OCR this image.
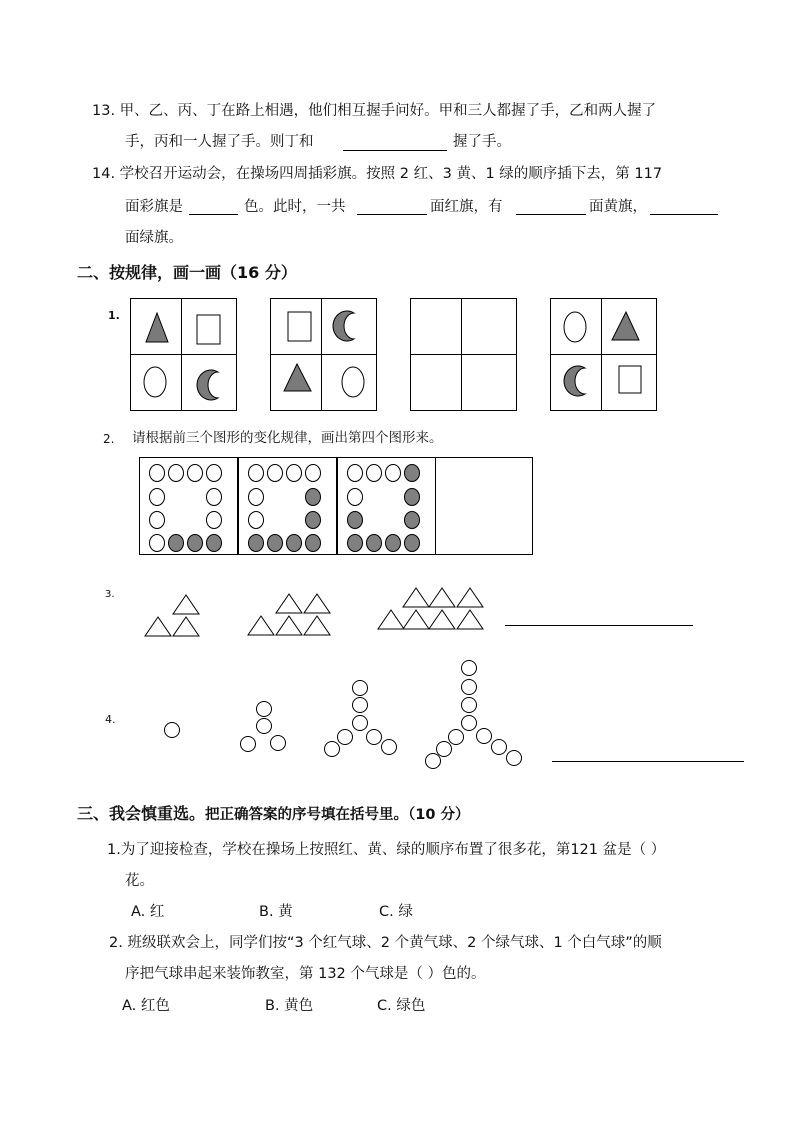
13. 甲、乙、丙、丁在路上相遇，他们相互握手问好。甲和三人都握了手，乙和两人握了
手，丙和一人握了手。则丁和	握了手。
14. 学校召开运动会，在操场四周插彩旗。按照 2 红、3 黄、1 绿的顺序插下去，第 117
面彩旗是	色。此时，一共	面红旗，有	面黄旗，
面绿旗。
二、按规律，画一画（16 分）
1.
2. 请根据前三个图形的变化规律，画出第四个图形来。
3.
4.
三、我会慎重选。把正确答案的序号填在括号里。（10 分）
1.为了迎接检查，学校在操场上按照红、黄、绿的顺序布置了很多花，第121 盆是（ ）
花。
A. 红	B. 黄	C. 绿
2. 班级联欢会上，同学们按“3 个红气球、2 个黄气球、2 个绿气球、1 个白气球”的顺
序把气球串起来装饰教室，第 132 个气球是（ ）色的。
A. 红色	B. 黄色	C. 绿色
